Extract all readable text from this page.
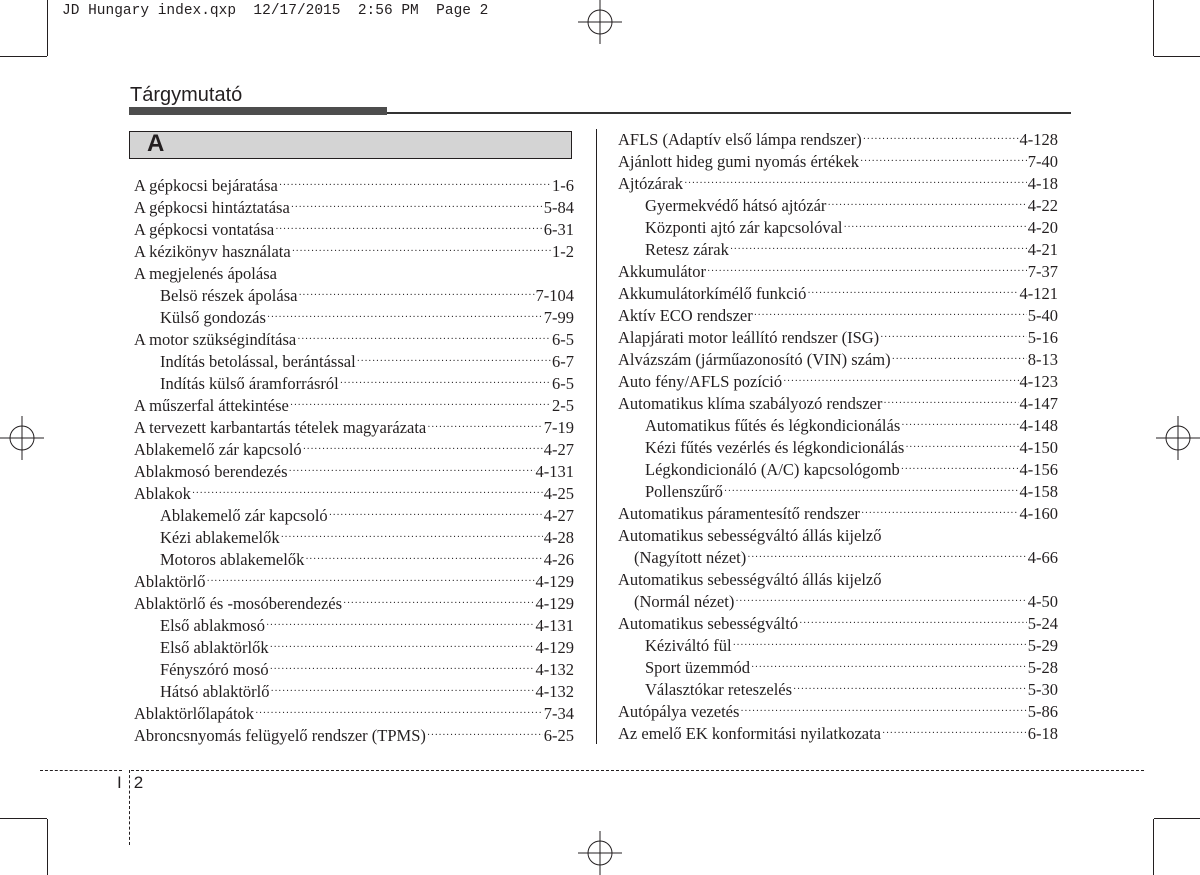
JD Hungary index.qxp  12/17/2015  2:56 PM  Page 2
Tárgymutató
A
A gépkocsi bejáratása ·····	1-6
A gépkocsi hintáztatása ·····	5-84
A gépkocsi vontatása ·····	6-31
A kézikönyv használata ·····	1-2
A megjelenés ápolása
Belsö részek ápolása ·····	7-104
Külső gondozás ·····	7-99
A motor szükségindítása ·····	6-5
Indítás betolással, berántással ·····	6-7
Indítás külső áramforrásról ·····	6-5
A műszerfal áttekintése ·····	2-5
A tervezett karbantartás tételek magyarázata ·····	7-19
Ablakemelő zár kapcsoló ·····	4-27
Ablakmosó berendezés ·····	4-131
Ablakok ·····	4-25
Ablakemelő zár kapcsoló ·····	4-27
Kézi ablakemelők ·····	4-28
Motoros ablakemelők ·····	4-26
Ablaktörlő ·····	4-129
Ablaktörlő és -mosóberendezés ·····	4-129
Első ablakmosó ·····	4-131
Első ablaktörlők ·····	4-129
Fényszóró mosó ·····	4-132
Hátsó ablaktörlő ·····	4-132
Ablaktörlőlapátok ·····	7-34
Abroncsnyomás felügyelő rendszer (TPMS) ·····	6-25
AFLS (Adaptív első lámpa rendszer) ·····	4-128
Ajánlott hideg gumi nyomás értékek ·····	7-40
Ajtózárak ·····	4-18
Gyermekvédő hátsó ajtózár ·····	4-22
Központi ajtó zár kapcsolóval ·····	4-20
Retesz zárak ·····	4-21
Akkumulátor ·····	7-37
Akkumulátorkímélő funkció ·····	4-121
Aktív ECO rendszer ·····	5-40
Alapjárati motor leállító rendszer (ISG) ·····	5-16
Alvázszám (járműazonosító (VIN) szám) ·····	8-13
Auto fény/AFLS pozíció ·····	4-123
Automatikus klíma szabályozó rendszer ·····	4-147
Automatikus fűtés és légkondicionálás ·····	4-148
Kézi fűtés vezérlés és légkondicionálás ·····	4-150
Légkondicionáló (A/C) kapcsológomb ·····	4-156
Pollenszűrő ·····	4-158
Automatikus páramentesítő rendszer ·····	4-160
Automatikus sebességváltó állás kijelző
(Nagyított nézet) ·····	4-66
Automatikus sebességváltó állás kijelző
(Normál nézet) ·····	4-50
Automatikus sebességváltó ·····	5-24
Kéziváltó fül ·····	5-29
Sport üzemmód ·····	5-28
Választókar reteszelés ·····	5-30
Autópálya vezetés ·····	5-86
Az emelő EK konformitási nyilatkozata ·····	6-18
I 2
